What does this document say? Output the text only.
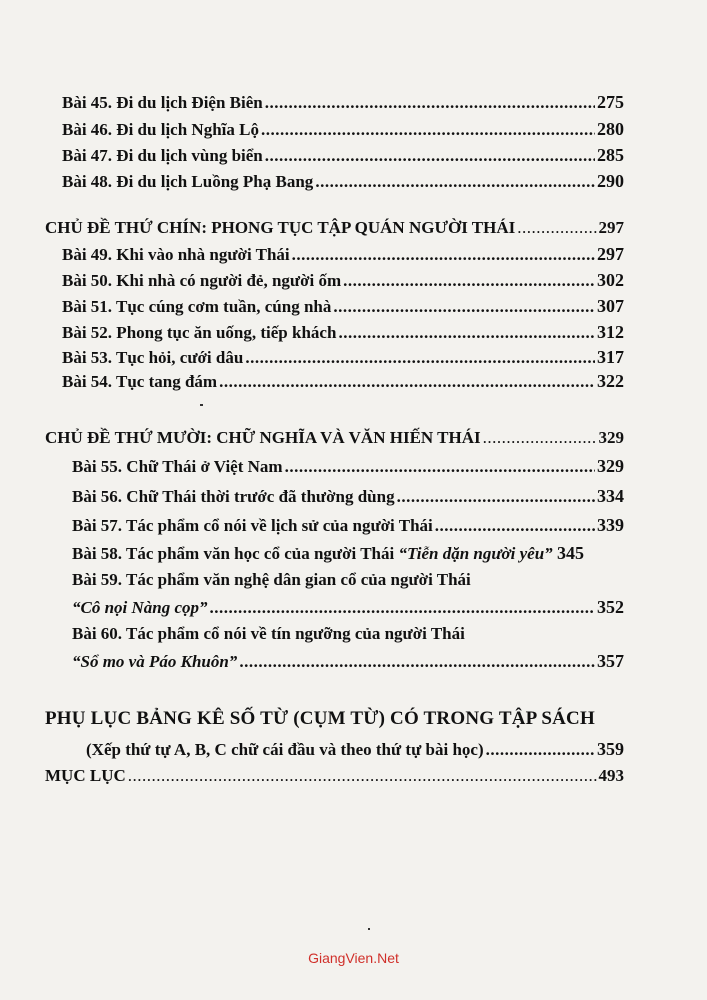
Bài 45. Đi du lịch Điện Biên .....	275
Bài 46. Đi du lịch Nghĩa Lộ .....	280
Bài 47. Đi du lịch vùng biển .....	285
Bài 48. Đi du lịch Luồng Phạ Bang .....	290
CHỦ ĐỀ THỨ CHÍN: PHONG TỤC TẬP QUÁN NGƯỜI THÁI .....	297
Bài 49. Khi vào nhà người Thái .....	297
Bài 50. Khi nhà có người đẻ, người ốm .....	302
Bài 51. Tục cúng cơm tuần, cúng nhà .....	307
Bài 52. Phong tục ăn uống, tiếp khách .....	312
Bài 53. Tục hỏi, cưới dâu .....	317
Bài 54. Tục tang đám .....	322
CHỦ ĐỀ THỨ MƯỜI: CHỮ NGHĨA VÀ VĂN HIẾN THÁI .....	329
Bài 55. Chữ Thái ở Việt Nam .....	329
Bài 56. Chữ Thái thời trước đã thường dùng .....	334
Bài 57. Tác phẩm cổ nói về lịch sử của người Thái .....	339
Bài 58. Tác phẩm văn học cổ của người Thái “Tiễn dặn người yêu” 345
Bài 59. Tác phẩm văn nghệ dân gian cổ của người Thái
“Cô nọi Nàng cọp” .....	352
Bài 60. Tác phẩm cổ nói về tín ngưỡng của người Thái
“Sổ mo và Páo Khuôn” .....	357
PHỤ LỤC BẢNG KÊ SỐ TỪ (CỤM TỪ) CÓ TRONG TẬP SÁCH
(Xếp thứ tự A, B, C chữ cái đầu và theo thứ tự bài học) .....	359
MỤC LỤC .....	493
GiangVien.Net
